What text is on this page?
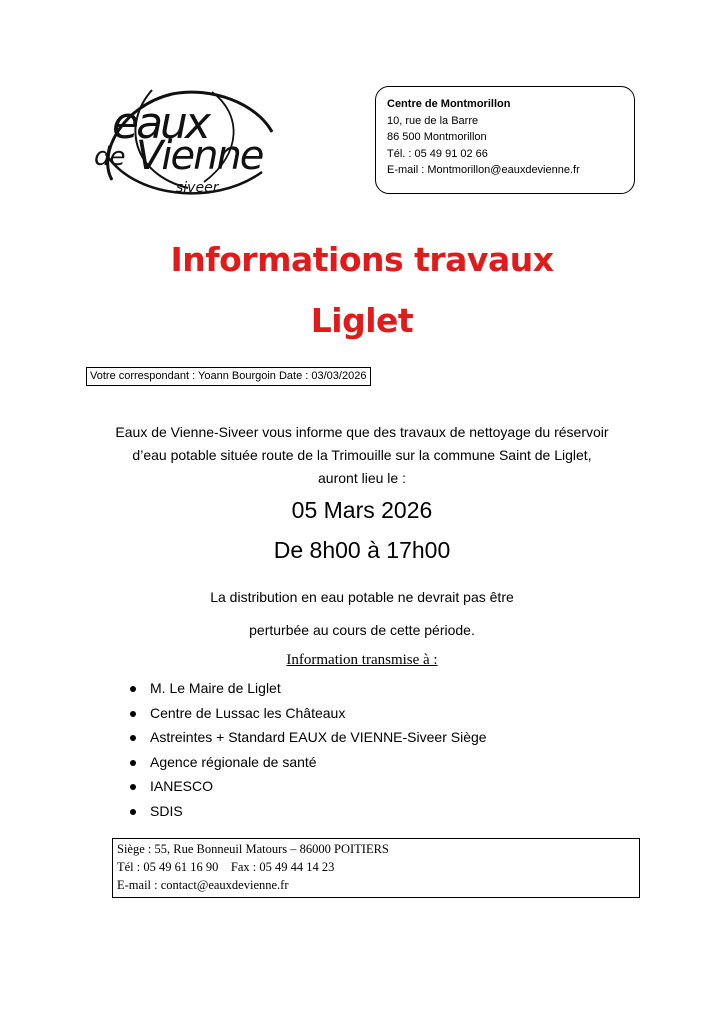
eaux
de Vienne
siveer
Centre de Montmorillon
10, rue de la Barre
86 500 Montmorillon
Tél. : 05 49 91 02 66
E-mail : Montmorillon@eauxdevienne.fr
Informations travaux
Liglet
Votre correspondant : Yoann Bourgoin Date : 03/03/2026
Eaux de Vienne-Siveer vous informe que des travaux de nettoyage du réservoir
d’eau potable située route de la Trimouille sur la commune Saint de Liglet,
auront lieu le :
05 Mars 2026
De 8h00 à 17h00
La distribution en eau potable ne devrait pas être
perturbée au cours de cette période.
Information transmise à :
M. Le Maire de Liglet
Centre de Lussac les Châteaux
Astreintes + Standard EAUX de VIENNE-Siveer Siège
Agence régionale de santé
IANESCO
SDIS
Siège : 55, Rue Bonneuil Matours – 86000 POITIERS
Tél : 05 49 61 16 90    Fax : 05 49 44 14 23
E-mail : contact@eauxdevienne.fr
